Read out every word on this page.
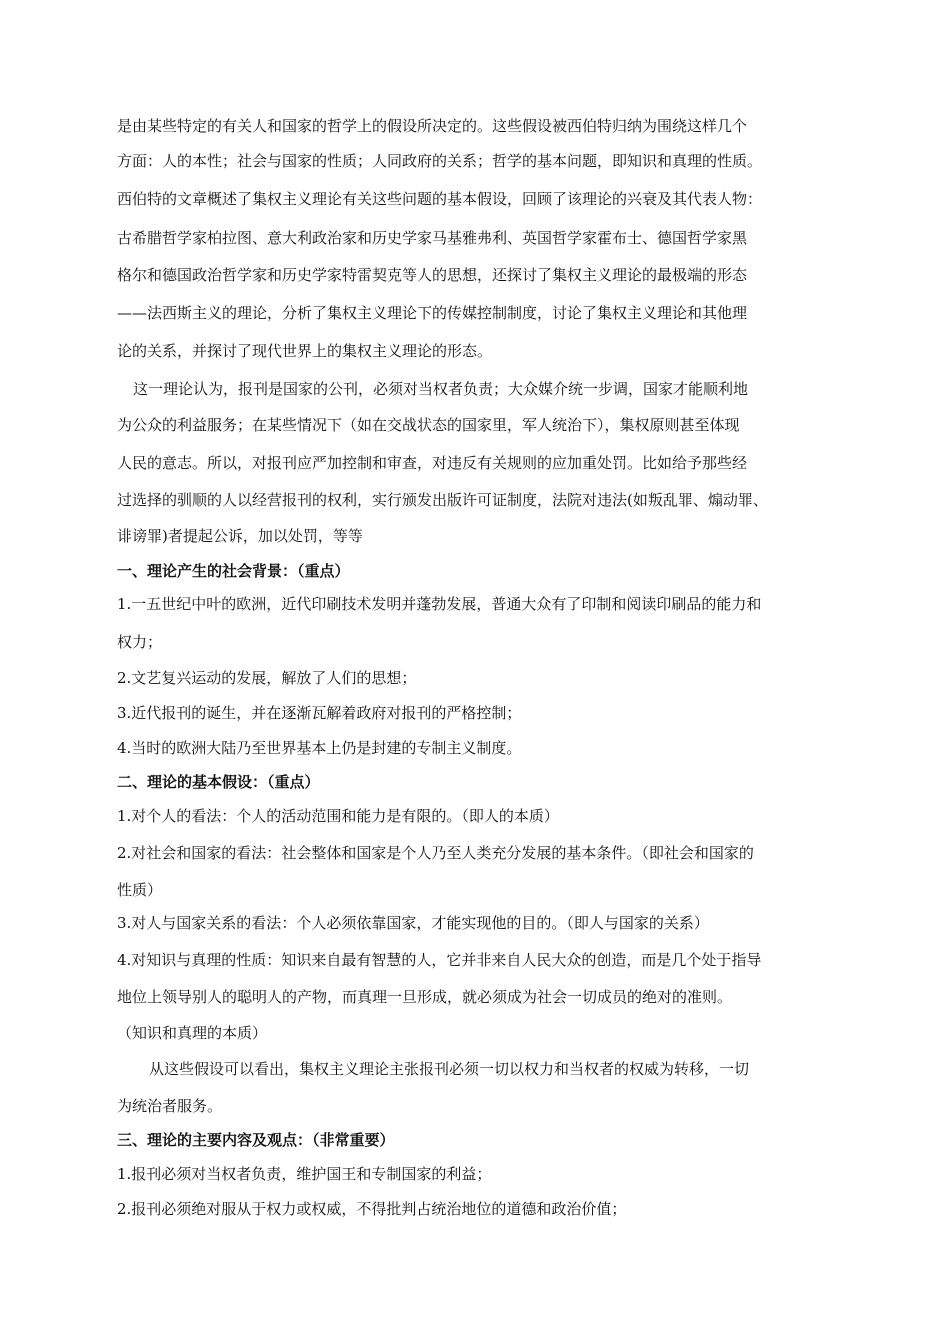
是由某些特定的有关人和国家的哲学上的假设所决定的。这些假设被西伯特归纳为围绕这样几个
方面：人的本性；社会与国家的性质；人同政府的关系；哲学的基本问题，即知识和真理的性质。
西伯特的文章概述了集权主义理论有关这些问题的基本假设，回顾了该理论的兴衰及其代表人物：
古希腊哲学家柏拉图、意大利政治家和历史学家马基雅弗利、英国哲学家霍布士、德国哲学家黑
格尔和德国政治哲学家和历史学家特雷契克等人的思想，还探讨了集权主义理论的最极端的形态
——法西斯主义的理论，分析了集权主义理论下的传媒控制制度，讨论了集权主义理论和其他理
论的关系，并探讨了现代世界上的集权主义理论的形态。
这一理论认为，报刊是国家的公刊，必须对当权者负责；大众媒介统一步调，国家才能顺利地
为公众的利益服务；在某些情况下（如在交战状态的国家里，军人统治下），集权原则甚至体现
人民的意志。所以，对报刊应严加控制和审查，对违反有关规则的应加重处罚。比如给予那些经
过选择的驯顺的人以经营报刊的权利，实行颁发出版许可证制度，法院对违法(如叛乱罪、煽动罪、
诽谤罪)者提起公诉，加以处罚，等等
一、理论产生的社会背景：（重点）
1.一五世纪中叶的欧洲，近代印刷技术发明并蓬勃发展，普通大众有了印制和阅读印刷品的能力和
权力；
2.文艺复兴运动的发展，解放了人们的思想；
3.近代报刊的诞生，并在逐渐瓦解着政府对报刊的严格控制；
4.当时的欧洲大陆乃至世界基本上仍是封建的专制主义制度。
二、理论的基本假设：（重点）
1.对个人的看法：个人的活动范围和能力是有限的。（即人的本质）
2.对社会和国家的看法：社会整体和国家是个人乃至人类充分发展的基本条件。（即社会和国家的
性质）
3.对人与国家关系的看法：个人必须依靠国家，才能实现他的目的。（即人与国家的关系）
4.对知识与真理的性质：知识来自最有智慧的人，它并非来自人民大众的创造，而是几个处于指导
地位上领导别人的聪明人的产物，而真理一旦形成，就必须成为社会一切成员的绝对的准则。
（知识和真理的本质）
从这些假设可以看出，集权主义理论主张报刊必须一切以权力和当权者的权威为转移，一切
为统治者服务。
三、理论的主要内容及观点：（非常重要）
1.报刊必须对当权者负责，维护国王和专制国家的利益；
2.报刊必须绝对服从于权力或权威，不得批判占统治地位的道德和政治价值；
